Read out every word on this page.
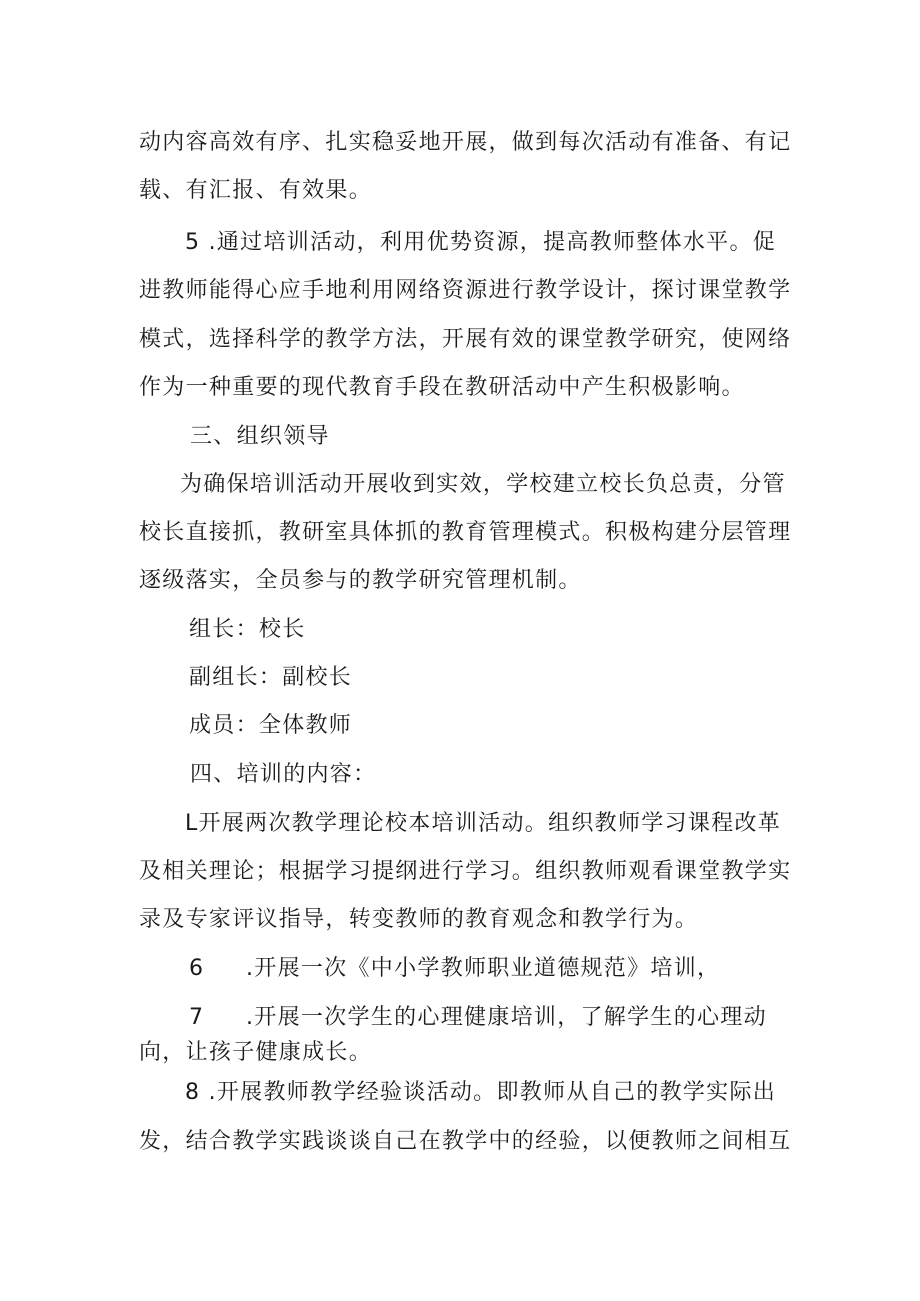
动内容高效有序、扎实稳妥地开展，做到每次活动有准备、有记
载、有汇报、有效果。
5 .通过培训活动，利用优势资源，提高教师整体水平。促
进教师能得心应手地利用网络资源进行教学设计，探讨课堂教学
模式，选择科学的教学方法，开展有效的课堂教学研究，使网络
作为一种重要的现代教育手段在教研活动中产生积极影响。
三、组织领导
为确保培训活动开展收到实效，学校建立校长负总责，分管
校长直接抓，教研室具体抓的教育管理模式。积极构建分层管理
逐级落实，全员参与的教学研究管理机制。
组长：校长
副组长：副校长
成员：全体教师
四、培训的内容：
L开展两次教学理论校本培训活动。组织教师学习课程改革
及相关理论；根据学习提纲进行学习。组织教师观看课堂教学实
录及专家评议指导，转变教师的教育观念和教学行为。
6 .开展一次《中小学教师职业道德规范》培训，
7 .开展一次学生的心理健康培训，了解学生的心理动
向，让孩子健康成长。
8 .开展教师教学经验谈活动。即教师从自己的教学实际出
发，结合教学实践谈谈自己在教学中的经验，以便教师之间相互
